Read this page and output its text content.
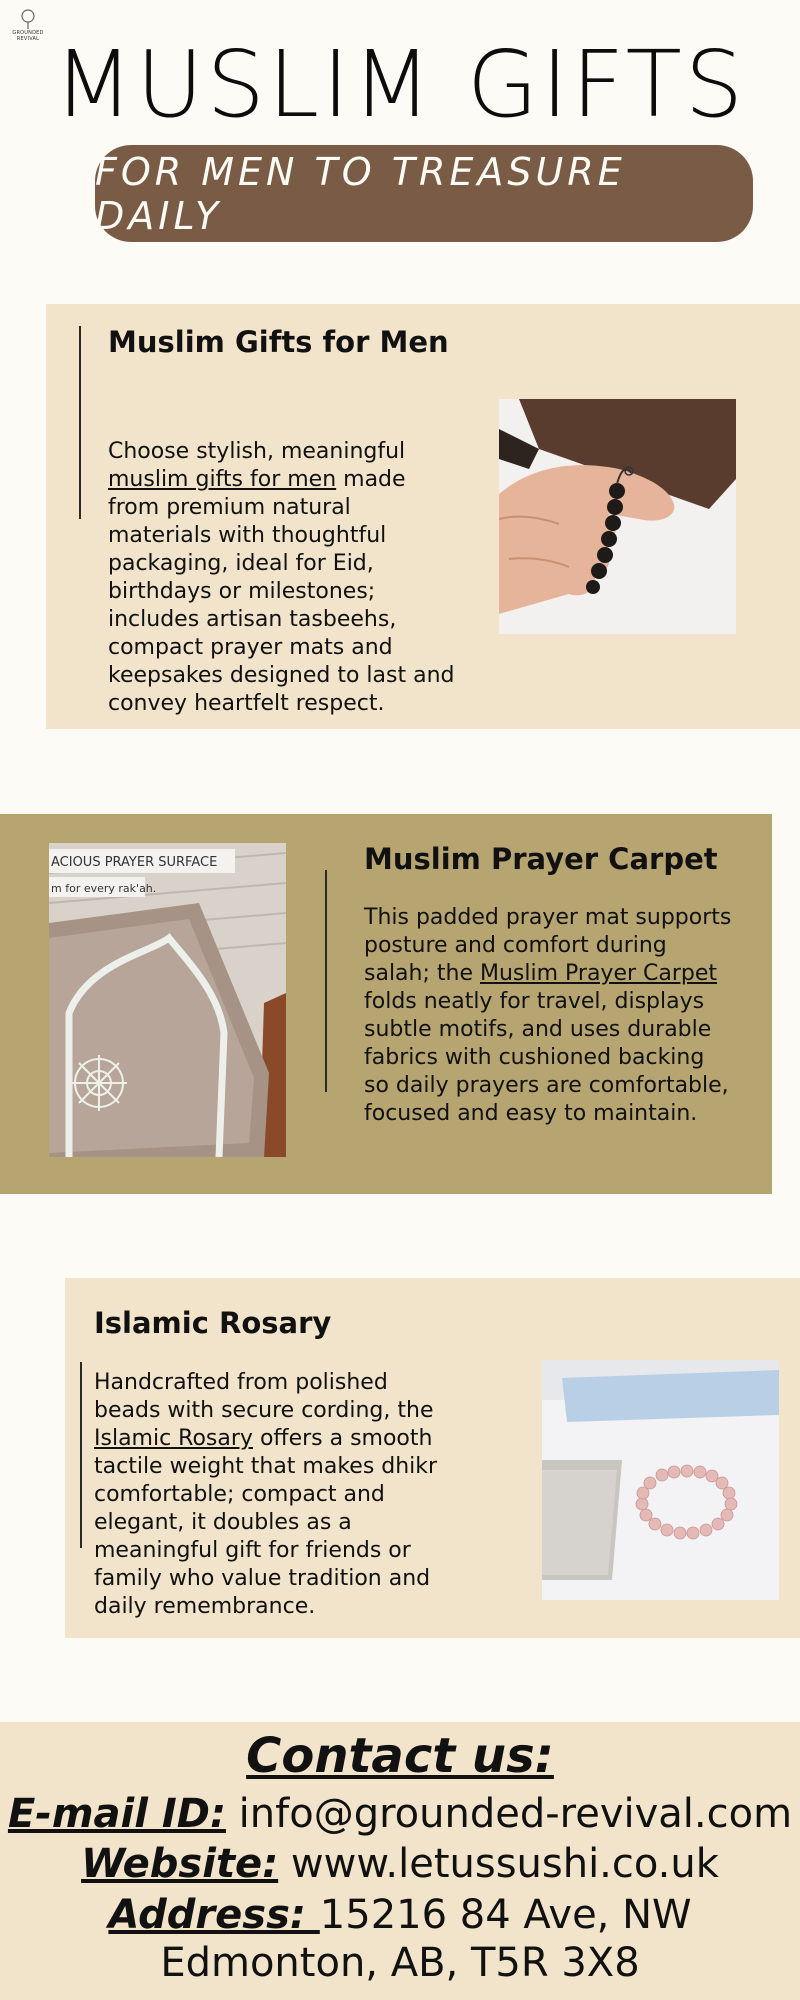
GROUNDED
REVIVAL MUSLIM GIFTS
FOR MEN TO TREASURE DAILY
Muslim Gifts for Men
Choose stylish, meaningful muslim gifts for men made from premium natural materials with thoughtful packaging, ideal for Eid, birthdays or milestones; includes artisan tasbeehs, compact prayer mats and keepsakes designed to last and convey heartfelt respect.
ACIOUS PRAYER SURFACE
m for every rak'ah.
Muslim Prayer Carpet
This padded prayer mat supports posture and comfort during salah; the Muslim Prayer Carpet folds neatly for travel, displays subtle motifs, and uses durable fabrics with cushioned backing so daily prayers are comfortable, focused and easy to maintain.
Islamic Rosary
Handcrafted from polished beads with secure cording, the Islamic Rosary offers a smooth tactile weight that makes dhikr comfortable; compact and elegant, it doubles as a meaningful gift for friends or family who value tradition and daily remembrance.
Contact us:
E-mail ID: info@grounded-revival.com
Website: www.letussushi.co.uk
Address: 15216 84 Ave, NW Edmonton, AB, T5R 3X8
